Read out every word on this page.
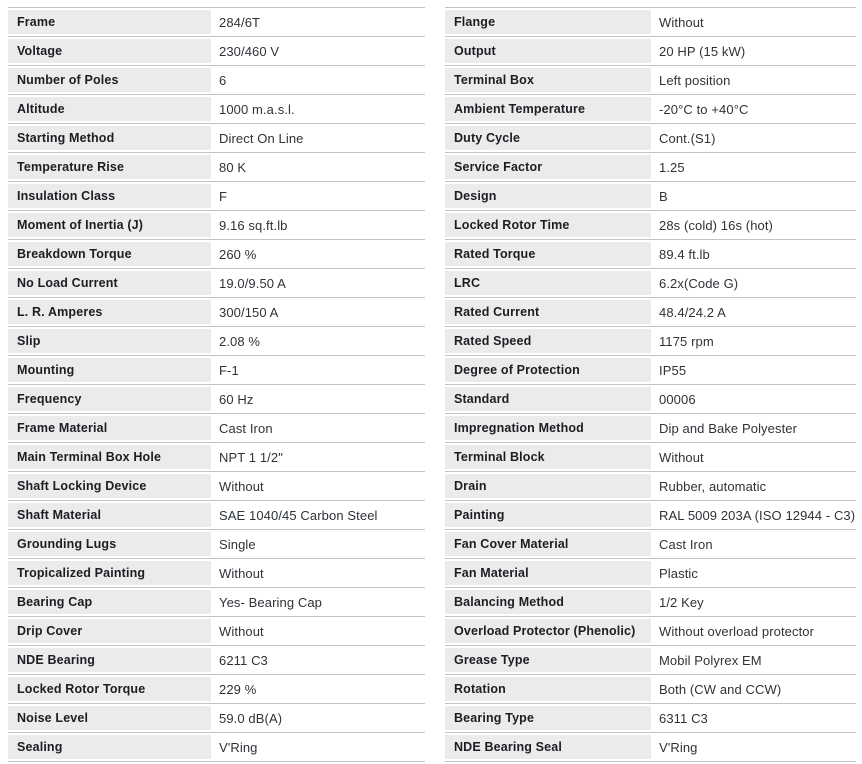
Frame	284/6T
Voltage	230/460 V
Number of Poles	6
Altitude	1000 m.a.s.l.
Starting Method	Direct On Line
Temperature Rise	80 K
Insulation Class	F
Moment of Inertia (J)	9.16 sq.ft.lb
Breakdown Torque	260 %
No Load Current	19.0/9.50 A
L. R. Amperes	300/150 A
Slip	2.08 %
Mounting	F-1
Frequency	60 Hz
Frame Material	Cast Iron
Main Terminal Box Hole	NPT 1 1/2"
Shaft Locking Device	Without
Shaft Material	SAE 1040/45 Carbon Steel
Grounding Lugs	Single
Tropicalized Painting	Without
Bearing Cap	Yes- Bearing Cap
Drip Cover	Without
NDE Bearing	6211 C3
Locked Rotor Torque	229 %
Noise Level	59.0 dB(A)
Sealing	V'Ring
Flange	Without
Output	20 HP (15 kW)
Terminal Box	Left position
Ambient Temperature	-20°C to +40°C
Duty Cycle	Cont.(S1)
Service Factor	1.25
Design	B
Locked Rotor Time	28s (cold) 16s (hot)
Rated Torque	89.4 ft.lb
LRC	6.2x(Code G)
Rated Current	48.4/24.2 A
Rated Speed	1175 rpm
Degree of Protection	IP55
Standard	00006
Impregnation Method	Dip and Bake Polyester
Terminal Block	Without
Drain	Rubber, automatic
Painting	RAL 5009 203A (ISO 12944 - C3)
Fan Cover Material	Cast Iron
Fan Material	Plastic
Balancing Method	1/2 Key
Overload Protector (Phenolic)	Without overload protector
Grease Type	Mobil Polyrex EM
Rotation	Both (CW and CCW)
Bearing Type	6311 C3
NDE Bearing Seal	V'Ring
